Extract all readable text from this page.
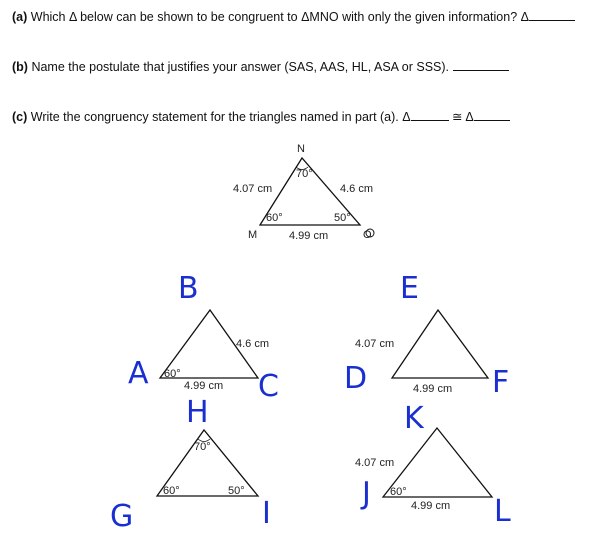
(a) Which Δ below can be shown to be congruent to ΔMNO with only the given information? Δ
(b) Name the postulate that justifies your answer (SAS, AAS, HL, ASA or SSS).
(c) Write the congruency statement for the triangles named in part (a). Δ	≅ Δ
N
M	O
4.07 cm	4.6 cm
4.99 cm
70°
60°	50°
4.6 cm
4.99 cm
60°
B
A	C
4.07 cm
4.99 cm
E
D	F
70°
60°	50°
H
G	I
4.07 cm
4.99 cm
60°
K
J
L
